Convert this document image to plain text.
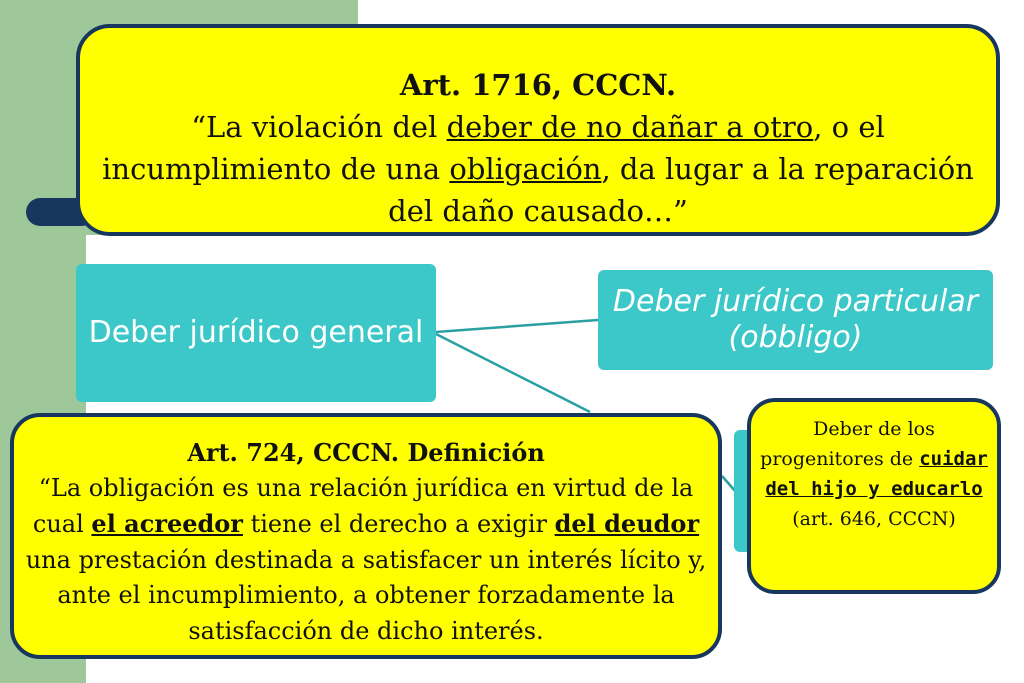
Deber jurídico general
Deber jurídico particular (obbligo)
Art. 1716, CCCN.
“La violación del deber de no dañar a otro, o el incumplimiento de una obligación, da lugar a la reparación del daño causado…”
Art. 724, CCCN. Definición
“La obligación es una relación jurídica en virtud de la cual el acreedor tiene el derecho a exigir del deudor una prestación destinada a satisfacer un interés lícito y, ante el incumplimiento, a obtener forzadamente la satisfacción de dicho interés.
Deber de los progenitores de cuidar del hijo y educarlo (art. 646, CCCN)
